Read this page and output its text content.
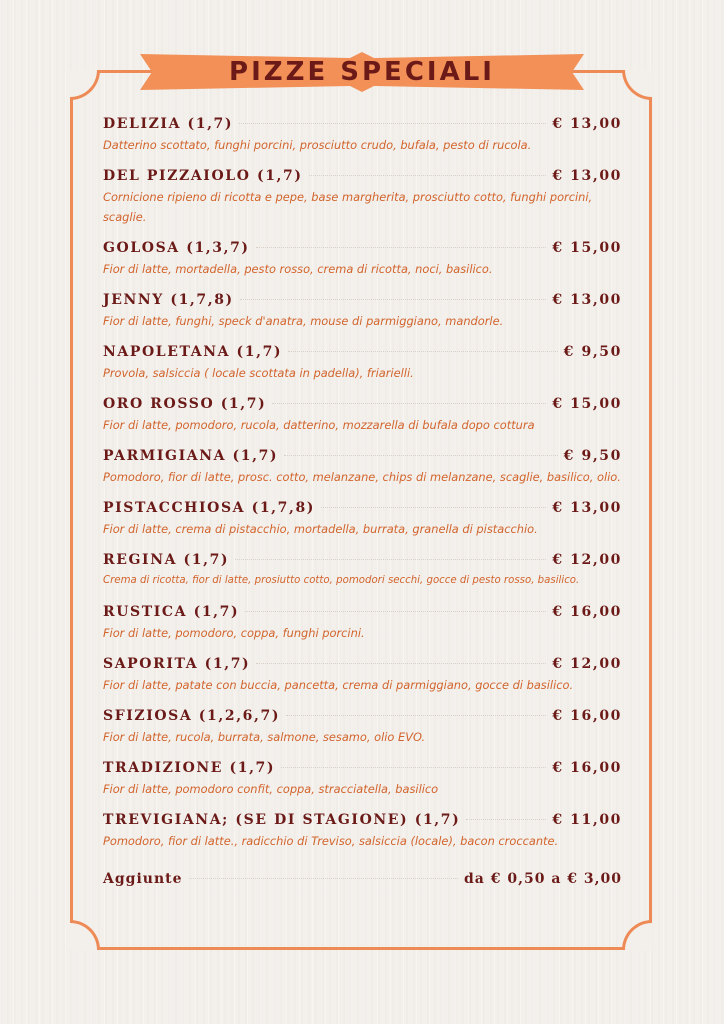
PIZZE SPECIALI
DELIZIA (1,7)	€ 13,00
Datterino scottato, funghi porcini, prosciutto crudo, bufala, pesto di rucola.
DEL PIZZAIOLO (1,7)	€ 13,00
Cornicione ripieno di ricotta e pepe, base margherita, prosciutto cotto, funghi porcini, scaglie.
GOLOSA (1,3,7)	€ 15,00
Fior di latte, mortadella, pesto rosso, crema di ricotta, noci, basilico.
JENNY (1,7,8)	€ 13,00
Fior di latte, funghi, speck d'anatra, mouse di parmiggiano, mandorle.
NAPOLETANA (1,7)	€ 9,50
Provola, salsiccia ( locale scottata in padella), friarielli.
ORO ROSSO (1,7)	€ 15,00
Fior di latte, pomodoro, rucola, datterino, mozzarella di bufala dopo cottura
PARMIGIANA (1,7)	€ 9,50
Pomodoro, fior di latte, prosc. cotto, melanzane, chips di melanzane, scaglie, basilico, olio.
PISTACCHIOSA (1,7,8)	€ 13,00
Fior di latte, crema di pistacchio, mortadella, burrata, granella di pistacchio.
REGINA (1,7)	€ 12,00
Crema di ricotta, fior di latte, prosiutto cotto, pomodori secchi, gocce di pesto rosso, basilico.
RUSTICA (1,7)	€ 16,00
Fior di latte, pomodoro, coppa, funghi porcini.
SAPORITA (1,7)	€ 12,00
Fior di latte, patate con buccia, pancetta, crema di parmiggiano, gocce di basilico.
SFIZIOSA (1,2,6,7)	€ 16,00
Fior di latte, rucola, burrata, salmone, sesamo, olio EVO.
TRADIZIONE (1,7)	€ 16,00
Fior di latte, pomodoro confit, coppa, stracciatella, basilico
TREVIGIANA; (SE DI STAGIONE) (1,7)	€ 11,00
Pomodoro, fior di latte., radicchio di Treviso, salsiccia (locale), bacon croccante.
Aggiunte	da € 0,50 a € 3,00
